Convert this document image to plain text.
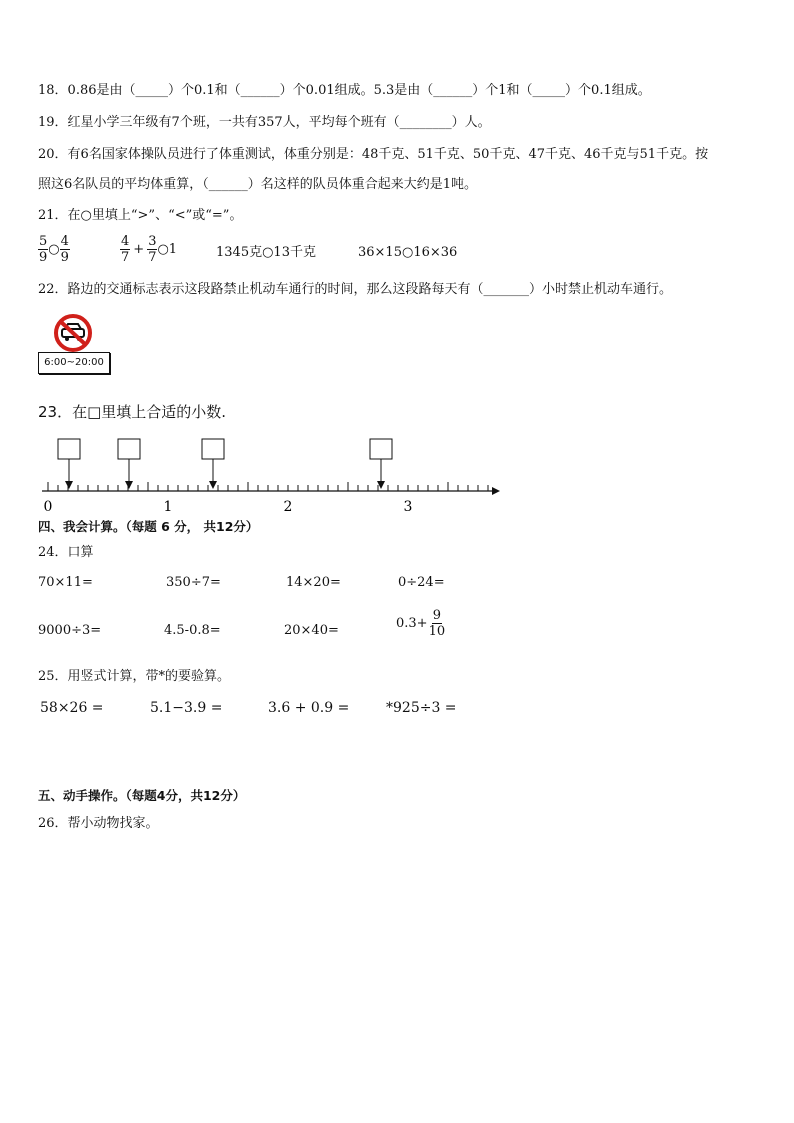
18．0.86是由（_____）个0.1和（______）个0.01组成。5.3是由（______）个1和（_____）个0.1组成。
19．红星小学三年级有7个班，一共有357人，平均每个班有（________）人。
20．有6名国家体操队员进行了体重测试，体重分别是：48千克、51千克、50千克、47千克、46千克与51千克。按
照这6名队员的平均体重算，（______）名这样的队员体重合起来大约是1吨。
21．在○里填上“>”、“<”或“=”。
$\frac{5}{9}$ ○ $\frac{4}{9}$	$\frac{4}{7} + \frac{3}{7}$ ○1	1345克○13千克	36×15○16×36
22．路边的交通标志表示这段路禁止机动车通行的时间，那么这段路每天有（_______）小时禁止机动车通行。
6:00~20:00
23．在□里填上合适的小数.
0	1	2	3
四、我会计算。（每题 6 分， 共12分）
24．口算
70×11=	350÷7=	14×20=	0÷24=
9000÷3=	4.5-0.8=	20×40=	$0.3+ \frac{9}{10}$
25．用竖式计算，带*的要验算。
58×26 =	5.1−3.9 =	3.6 + 0.9 =	*925÷3 =
五、动手操作。（每题4分，共12分）
26．帮小动物找家。
